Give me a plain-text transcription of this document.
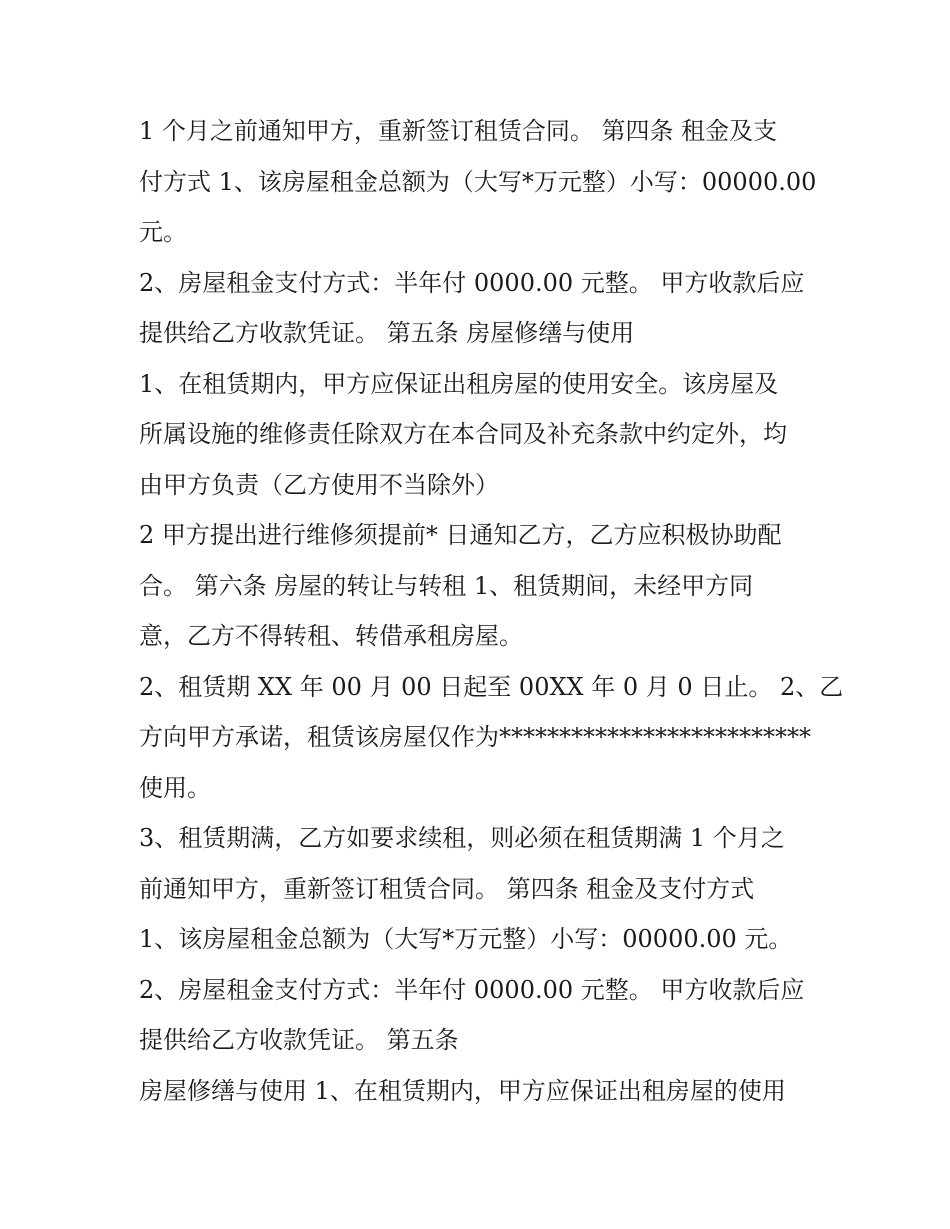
1 个月之前通知甲方，重新签订租赁合同。 第四条 租金及支
付方式 1、该房屋租金总额为（大写*万元整）小写：00000.00
元。
2、房屋租金支付方式：半年付 0000.00 元整。 甲方收款后应
提供给乙方收款凭证。 第五条 房屋修缮与使用
1、在租赁期内，甲方应保证出租房屋的使用安全。该房屋及
所属设施的维修责任除双方在本合同及补充条款中约定外，均
由甲方负责（乙方使用不当除外）
2 甲方提出进行维修须提前* 日通知乙方，乙方应积极协助配
合。 第六条 房屋的转让与转租 1、租赁期间，未经甲方同
意，乙方不得转租、转借承租房屋。
2、租赁期 XX 年 00 月 00 日起至 00XX 年 0 月 0 日止。 2、乙
方向甲方承诺，租赁该房屋仅作为**************************
使用。
3、租赁期满，乙方如要求续租，则必须在租赁期满 1 个月之
前通知甲方，重新签订租赁合同。 第四条 租金及支付方式
1、该房屋租金总额为（大写*万元整）小写：00000.00 元。
2、房屋租金支付方式：半年付 0000.00 元整。 甲方收款后应
提供给乙方收款凭证。 第五条
房屋修缮与使用 1、在租赁期内，甲方应保证出租房屋的使用
